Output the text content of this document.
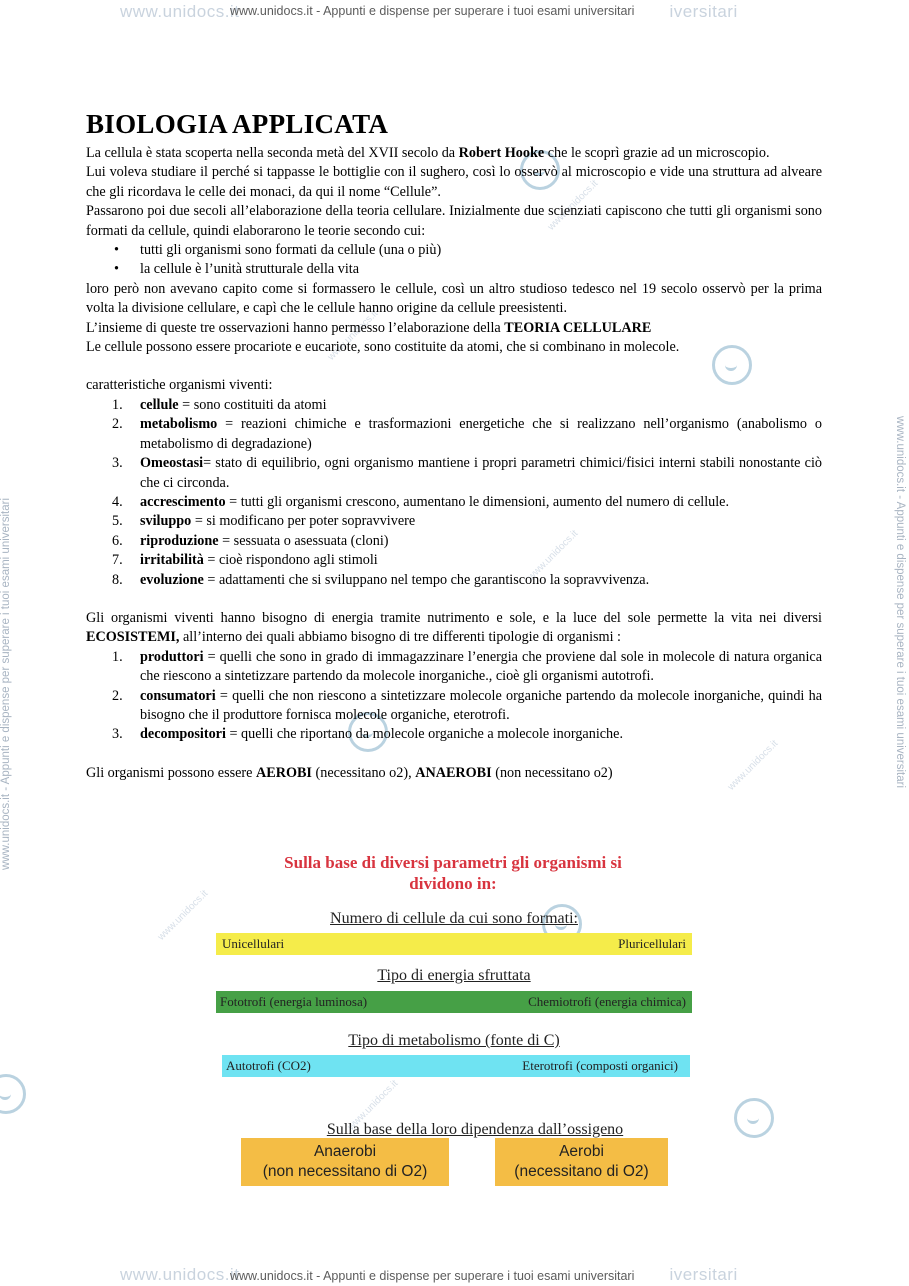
www.unidocs.it	iversitari
www.unidocs.it - Appunti e dispense per superare i tuoi esami universitari
www.unidocs.it	iversitari
www.unidocs.it - Appunti e dispense per superare i tuoi esami universitari
www.unidocs.it - Appunti e dispense per superare i tuoi esami universitari	www.unidocs.it - Appunti e dispense per superare i tuoi esami universitari
www.unidocs.it
www.unidocs.it
www.unidocs.it
www.unidocs.it
www.unidocs.it
www.unidocs.it
BIOLOGIA APPLICATA

La cellula è stata scoperta nella seconda metà del XVII secolo da Robert Hooke che le scoprì grazie ad un microscopio.

Lui voleva studiare il perché si tappasse le bottiglie con il sughero, così lo osservò al microscopio e vide una struttura ad alveare che gli ricordava le celle dei monaci, da qui il nome “Cellule”.

Passarono poi due secoli all’elaborazione della teoria cellulare. Inizialmente due scienziati capiscono che tutti gli organismi sono formati da cellule, quindi elaborarono le teorie secondo cui:

• tutti gli organismi sono formati da cellule (una o più)
• la cellule è l’unità strutturale della vita

loro però non avevano capito come si formassero le cellule, così un altro studioso tedesco nel 19 secolo osservò per la prima volta la divisione cellulare, e capì che le cellule hanno origine da cellule preesistenti.

L’insieme di queste tre osservazioni hanno permesso l’elaborazione della TEORIA CELLULARE

Le cellule possono essere procariote e eucariote, sono costituite da atomi, che si combinano in molecole.

caratteristiche organismi viventi:

1. cellule = sono costituiti da atomi
2. metabolismo = reazioni chimiche e trasformazioni energetiche che si realizzano nell’organismo (anabolismo o metabolismo di degradazione)
3. Omeostasi= stato di equilibrio, ogni organismo mantiene i propri parametri chimici/fisici interni stabili nonostante ciò che ci circonda.
4. accrescimento = tutti gli organismi crescono, aumentano le dimensioni, aumento del numero di cellule.
5. sviluppo = si modificano per poter sopravvivere
6. riproduzione = sessuata o asessuata (cloni)
7. irritabilità = cioè rispondono agli stimoli
8. evoluzione = adattamenti che si sviluppano nel tempo che garantiscono la sopravvivenza.

Gli organismi viventi hanno bisogno di energia tramite nutrimento e sole, e la luce del sole permette la vita nei diversi ECOSISTEMI, all’interno dei quali abbiamo bisogno di tre differenti tipologie di organismi :

1. produttori = quelli che sono in grado di immagazzinare l’energia che proviene dal sole in molecole di natura organica che riescono a sintetizzare partendo da molecole inorganiche., cioè gli organismi autotrofi.
2. consumatori = quelli che non riescono a sintetizzare molecole organiche partendo da molecole inorganiche, quindi ha bisogno che il produttore fornisca molecole organiche, eterotrofi.
3. decompositori = quelli che riportano da molecole organiche a molecole inorganiche.

Gli organismi possono essere AEROBI (necessitano o2), ANAEROBI (non necessitano o2)

Sulla base di diversi parametri gli organismi si
dividono in:
Numero di cellule da cui sono formati:
Unicellulari	Pluricellulari
Tipo di energia sfruttata
Fototrofi (energia luminosa)	Chemiotrofi (energia chimica)
Tipo di metabolismo (fonte di C)
Autotrofi (CO2)	Eterotrofi (composti organici)
Sulla base della loro dipendenza dall’ossigeno
Anaerobi
(non necessitano di O2)
Aerobi
(necessitano di O2)
